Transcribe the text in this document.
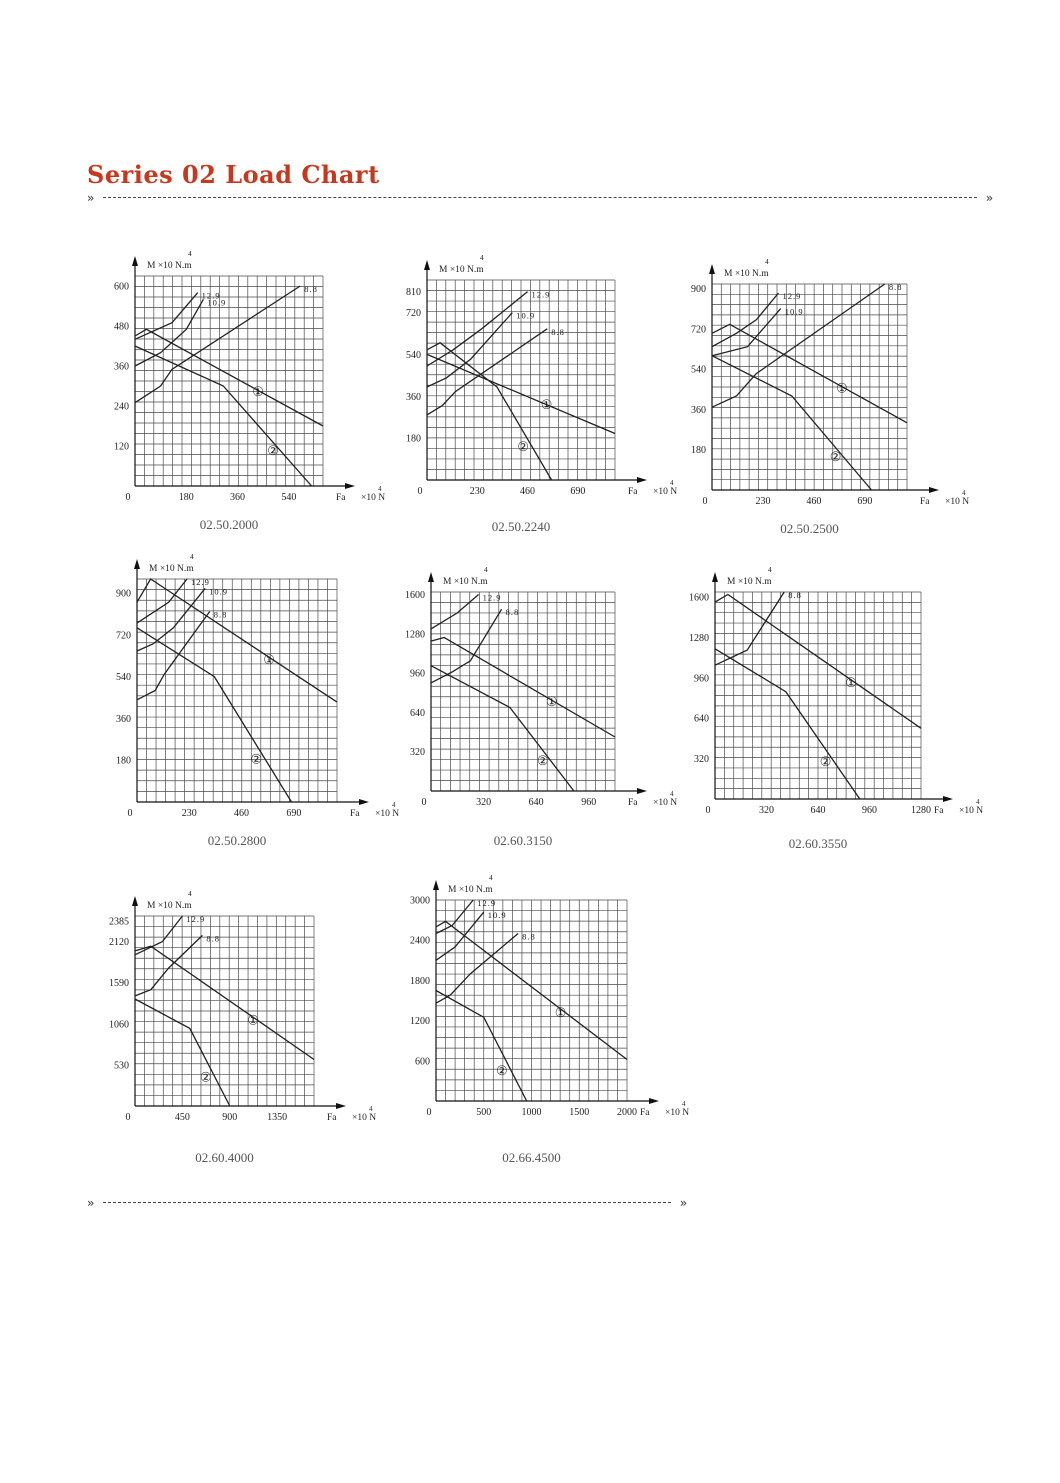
Series 02 Load Chart
»	»
M ×10 N.m
4
Fa ×10 N
4
0	180	360	540
120
240
360
480
600
12.9
10.9
8.8
①
②
02.50.2000
M ×10 N.m
4
Fa ×10 N
4
0	230	460	690
180
360
540
720
810	12.9
10.9
8.8
①
②
02.50.2240
M ×10 N.m
4
Fa ×10 N
4
0	230	460	690
180
360
540
720
900
12.9
10.9
8.8
①
②
02.50.2500
M ×10 N.m
4
Fa ×10 N
4
0	230	460	690
180
360
540
720
900
12.9
10.9
8.8
①
②
02.50.2800
M ×10 N.m
4
Fa ×10 N
4
0	320	640	960
320
640
960
1280
1600	12.9
8.8
①
②
02.60.3150
M ×10 N.m
4
Fa ×10 N
4
0	320	640	960	1280
320
640
960
1280
1600	8.8
①
②
02.60.3550
M ×10 N.m
4
Fa ×10 N
4
0	450	900	1350
530
1060
1590
2120
2385	12.9
8.8
①
②
02.60.4000
M ×10 N.m
4
Fa ×10 N
4
0	500	1000	1500	2000
600
1200
1800
2400
3000	12.9
10.9
8.8
①
②
02.66.4500
»	»
